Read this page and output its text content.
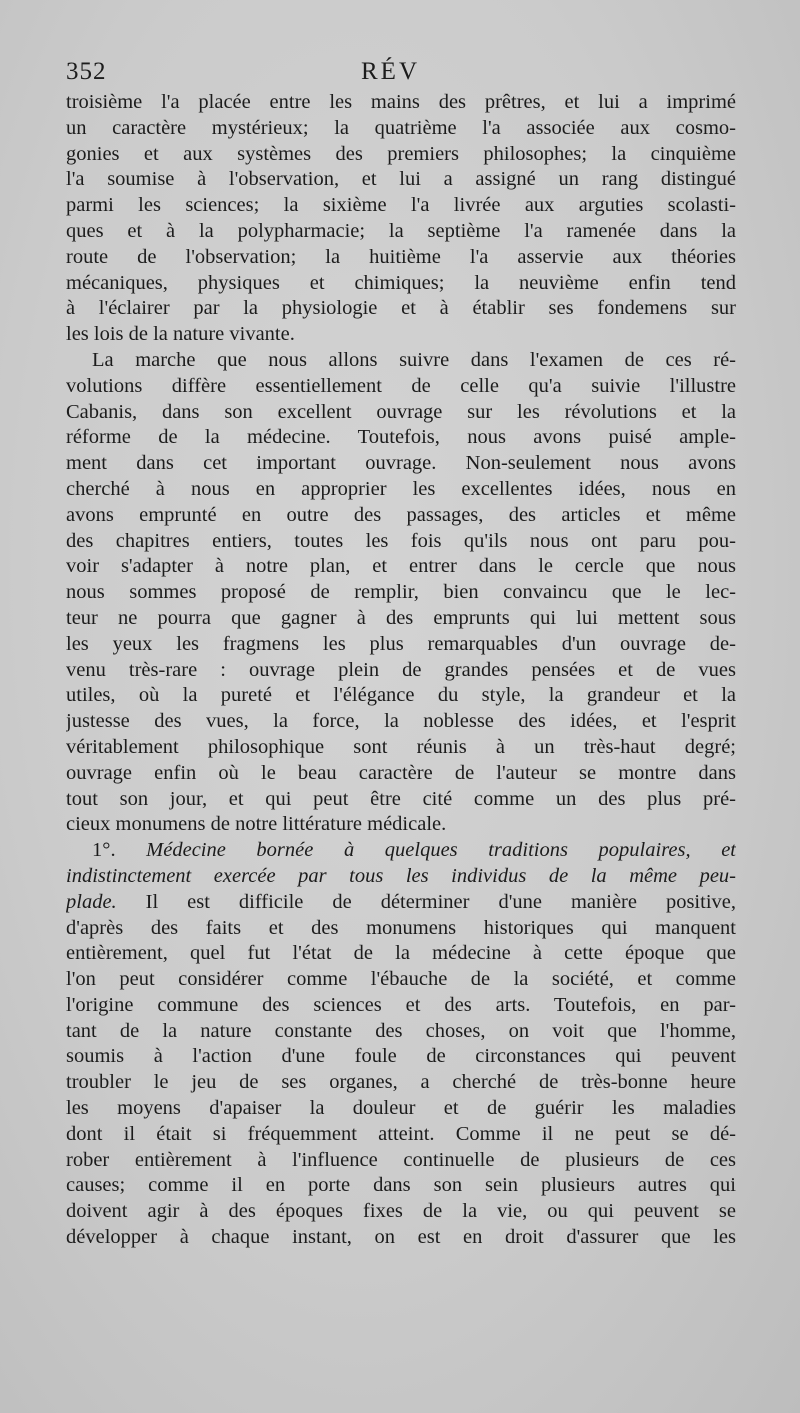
352	RÉV
troisième l'a placée entre les mains des prêtres, et lui a imprimé
un caractère mystérieux; la quatrième l'a associée aux cosmo-
gonies et aux systèmes des premiers philosophes; la cinquième
l'a soumise à l'observation, et lui a assigné un rang distingué
parmi les sciences; la sixième l'a livrée aux arguties scolasti-
ques et à la polypharmacie; la septième l'a ramenée dans la
route de l'observation; la huitième l'a asservie aux théories
mécaniques, physiques et chimiques; la neuvième enfin tend
à l'éclairer par la physiologie et à établir ses fondemens sur
les lois de la nature vivante.
La marche que nous allons suivre dans l'examen de ces ré-
volutions diffère essentiellement de celle qu'a suivie l'illustre
Cabanis, dans son excellent ouvrage sur les révolutions et la
réforme de la médecine. Toutefois, nous avons puisé ample-
ment dans cet important ouvrage. Non-seulement nous avons
cherché à nous en approprier les excellentes idées, nous en
avons emprunté en outre des passages, des articles et même
des chapitres entiers, toutes les fois qu'ils nous ont paru pou-
voir s'adapter à notre plan, et entrer dans le cercle que nous
nous sommes proposé de remplir, bien convaincu que le lec-
teur ne pourra que gagner à des emprunts qui lui mettent sous
les yeux les fragmens les plus remarquables d'un ouvrage de-
venu très-rare : ouvrage plein de grandes pensées et de vues
utiles, où la pureté et l'élégance du style, la grandeur et la
justesse des vues, la force, la noblesse des idées, et l'esprit
véritablement philosophique sont réunis à un très-haut degré;
ouvrage enfin où le beau caractère de l'auteur se montre dans
tout son jour, et qui peut être cité comme un des plus pré-
cieux monumens de notre littérature médicale.
1°. Médecine bornée à quelques traditions populaires, et
indistinctement exercée par tous les individus de la même peu-
plade. Il est difficile de déterminer d'une manière positive,
d'après des faits et des monumens historiques qui manquent
entièrement, quel fut l'état de la médecine à cette époque que
l'on peut considérer comme l'ébauche de la société, et comme
l'origine commune des sciences et des arts. Toutefois, en par-
tant de la nature constante des choses, on voit que l'homme,
soumis à l'action d'une foule de circonstances qui peuvent
troubler le jeu de ses organes, a cherché de très-bonne heure
les moyens d'apaiser la douleur et de guérir les maladies
dont il était si fréquemment atteint. Comme il ne peut se dé-
rober entièrement à l'influence continuelle de plusieurs de ces
causes; comme il en porte dans son sein plusieurs autres qui
doivent agir à des époques fixes de la vie, ou qui peuvent se
développer à chaque instant, on est en droit d'assurer que les
